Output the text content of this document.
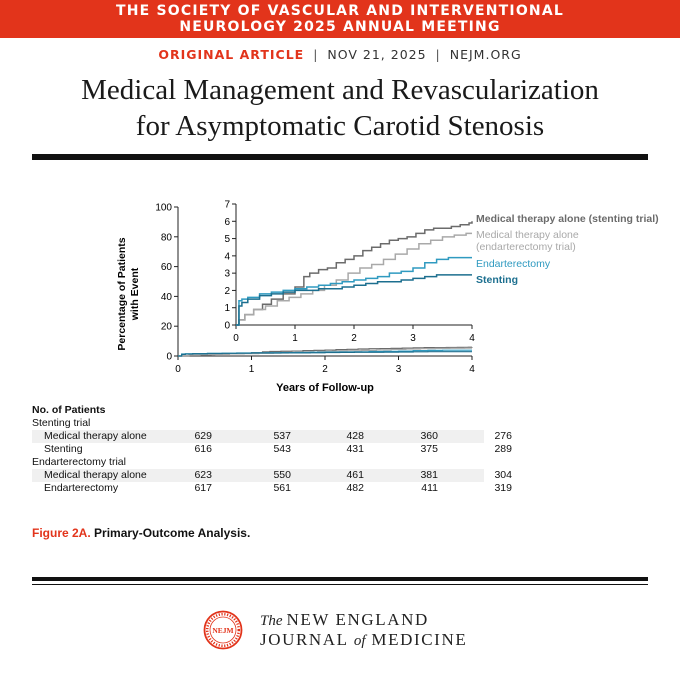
THE SOCIETY OF VASCULAR AND INTERVENTIONAL
NEUROLOGY 2025 ANNUAL MEETING
ORIGINAL ARTICLE | NOV 21, 2025 | NEJM.ORG
Medical Management and Revascularization
for Asymptomatic Carotid Stenosis
0
20
40
60
80
100
0	1	2	3	4
0
1
2
3
4
5
6
7
0	1	2	3	4
Medical therapy alone (stenting trial)
Medical therapy alone
(endarterectomy trial)
Endarterectomy
Stenting
Percentage of Patients with Event
Years of Follow-up
No. of Patients
Stenting trial
Medical therapy alone	629	537	428	360	276
Stenting	616	543	431	375	289
Endarterectomy trial
Medical therapy alone	623	550	461	381	304
Endarterectomy	617	561	482	411	319
Figure 2A. Primary-Outcome Analysis.
NEJM
The NEW ENGLAND
JOURNAL of MEDICINE
